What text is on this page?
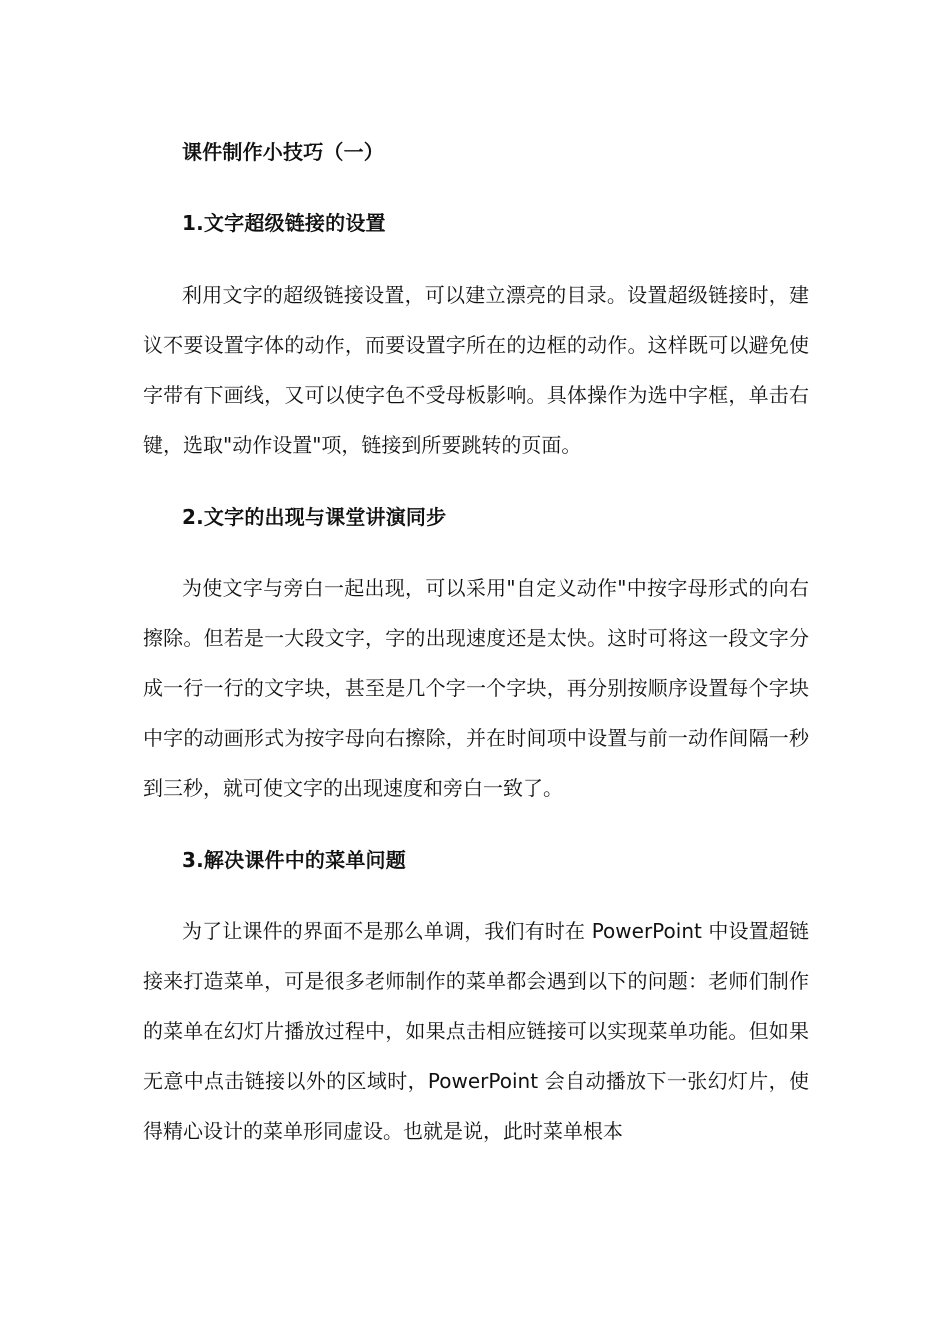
课件制作小技巧（一）
1.文字超级链接的设置

利用文字的超级链接设置，可以建立漂亮的目录。设置超级链接时，建议不要设置字体的动作，而要设置字所在的边框的动作。这样既可以避免使字带有下画线，又可以使字色不受母板影响。具体操作为选中字框，单击右键，选取"动作设置"项，链接到所要跳转的页面。

2.文字的出现与课堂讲演同步

为使文字与旁白一起出现，可以采用"自定义动作"中按字母形式的向右擦除。但若是一大段文字，字的出现速度还是太快。这时可将这一段文字分成一行一行的文字块，甚至是几个字一个字块，再分别按顺序设置每个字块中字的动画形式为按字母向右擦除，并在时间项中设置与前一动作间隔一秒到三秒，就可使文字的出现速度和旁白一致了。

3.解决课件中的菜单问题

为了让课件的界面不是那么单调，我们有时在 PowerPoint 中设置超链接来打造菜单，可是很多老师制作的菜单都会遇到以下的问题：老师们制作的菜单在幻灯片播放过程中，如果点击相应链接可以实现菜单功能。但如果无意中点击链接以外的区域时，PowerPoint 会自动播放下一张幻灯片，使得精心设计的菜单形同虚设。也就是说，此时菜单根本
